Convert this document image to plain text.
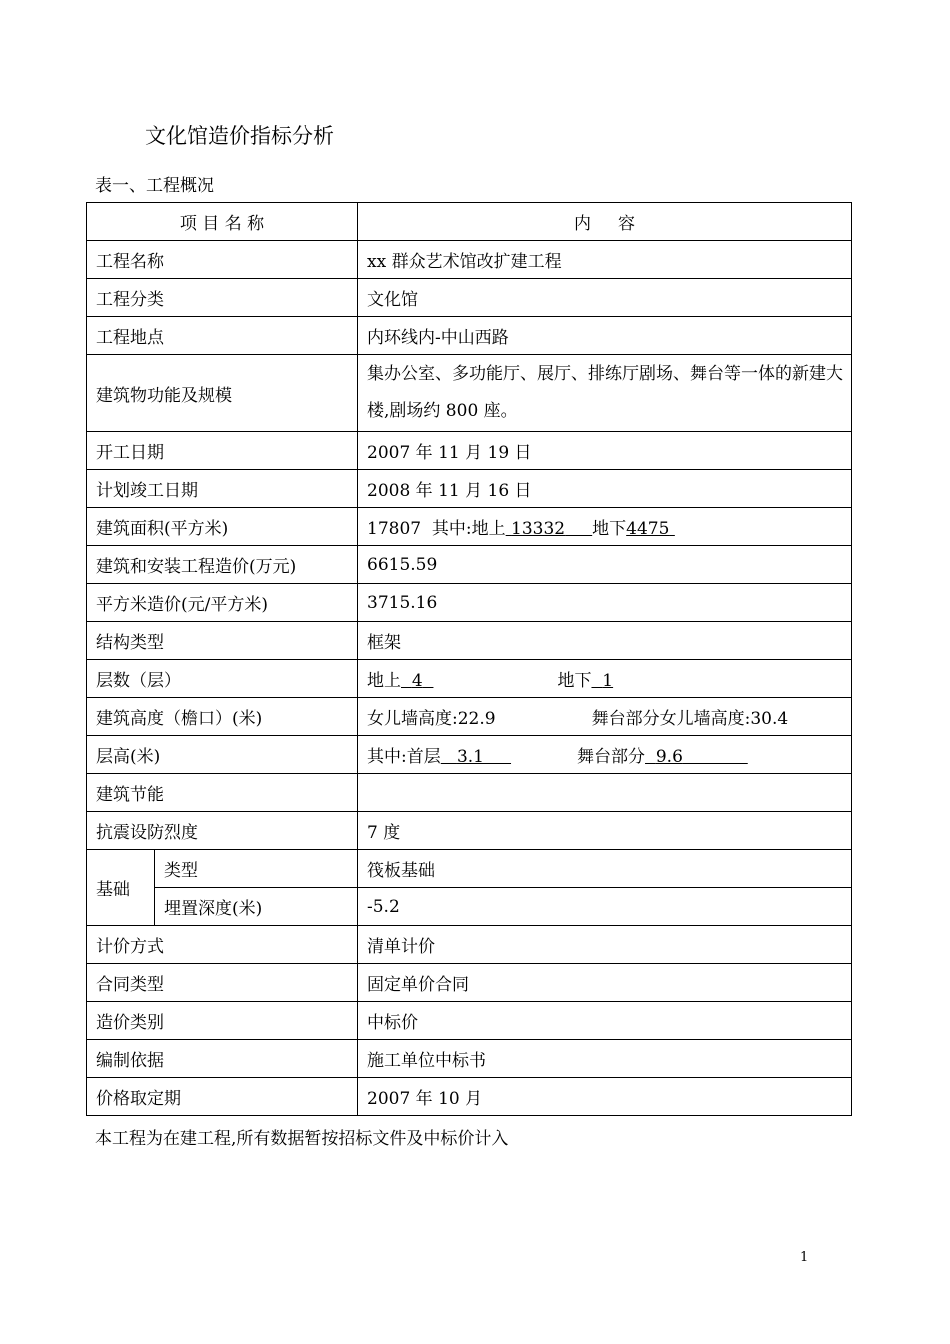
文化馆造价指标分析
表一、工程概况
项 目 名 称		内     容
工程名称		xx 群众艺术馆改扩建工程
工程分类		文化馆
工程地点		内环线内-中山西路
建筑物功能及规模		集办公室、多功能厅、展厅、排练厅剧场、舞台等一体的新建大楼,剧场约 800 座。
开工日期		2007 年 11 月 19 日
计划竣工日期		2008 年 11 月 16 日
建筑面积(平方米)		17807 其中:地上 13332 地下4475
建筑和安装工程造价(万元)		6615.59
平方米造价(元/平方米)		3715.16
结构类型		框架
层数（层）		地上 4 地下 1
建筑高度（檐口）(米)		女儿墙高度:22.9 舞台部分女儿墙高度:30.4
层高(米)		其中:首层 3.1 舞台部分 9.6
建筑节能		
抗震设防烈度		7 度
基础	类型	筏板基础
	埋置深度(米)	-5.2
计价方式		清单计价
合同类型		固定单价合同
造价类别		中标价
编制依据		施工单位中标书
价格取定期		2007 年 10 月
本工程为在建工程,所有数据暂按招标文件及中标价计入
1
